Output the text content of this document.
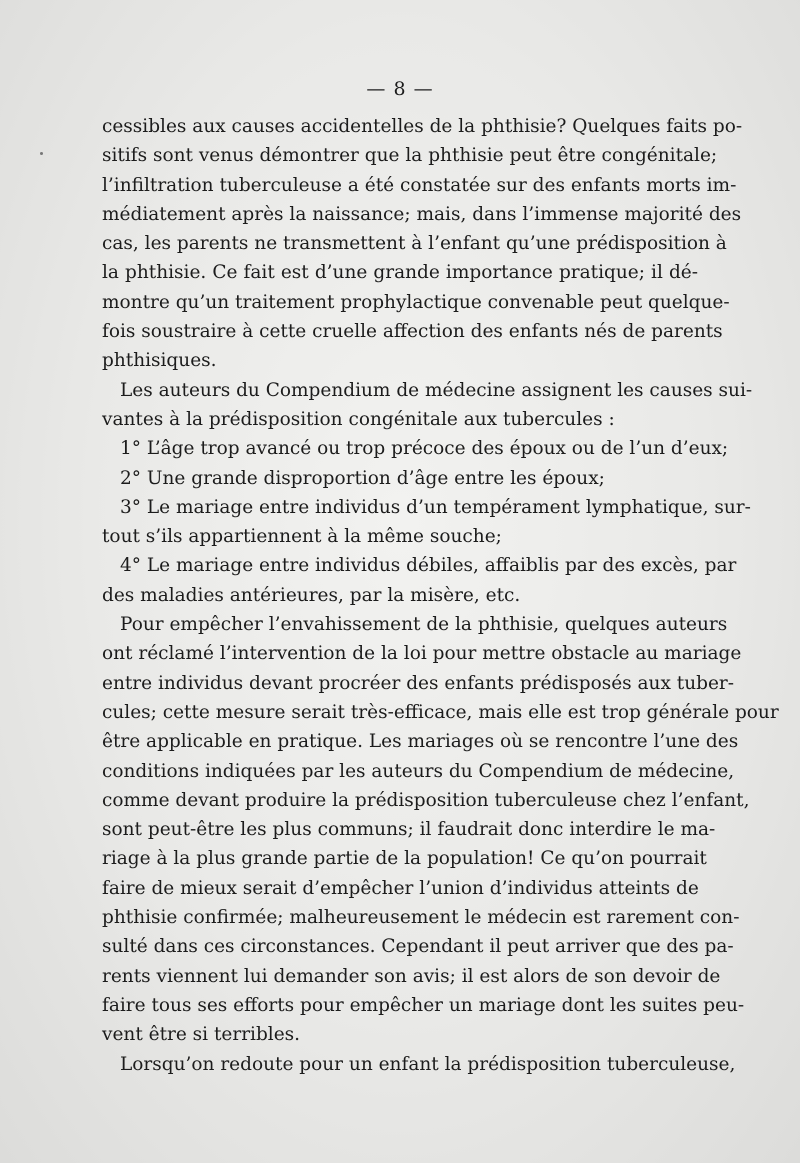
— 8 —
cessibles aux causes accidentelles de la phthisie? Quelques faits po-
sitifs sont venus démontrer que la phthisie peut être congénitale;
l’infiltration tuberculeuse a été constatée sur des enfants morts im-
médiatement après la naissance; mais, dans l’immense majorité des
cas, les parents ne transmettent à l’enfant qu’une prédisposition à
la phthisie. Ce fait est d’une grande importance pratique; il dé-
montre qu’un traitement prophylactique convenable peut quelque-
fois soustraire à cette cruelle affection des enfants nés de parents
phthisiques.
Les auteurs du Compendium de médecine assignent les causes sui-
vantes à la prédisposition congénitale aux tubercules :
1° L’âge trop avancé ou trop précoce des époux ou de l’un d’eux;
2° Une grande disproportion d’âge entre les époux;
3° Le mariage entre individus d’un tempérament lymphatique, sur-
tout s’ils appartiennent à la même souche;
4° Le mariage entre individus débiles, affaiblis par des excès, par
des maladies antérieures, par la misère, etc.
Pour empêcher l’envahissement de la phthisie, quelques auteurs
ont réclamé l’intervention de la loi pour mettre obstacle au mariage
entre individus devant procréer des enfants prédisposés aux tuber-
cules; cette mesure serait très-efficace, mais elle est trop générale pour
être applicable en pratique. Les mariages où se rencontre l’une des
conditions indiquées par les auteurs du Compendium de médecine,
comme devant produire la prédisposition tuberculeuse chez l’enfant,
sont peut-être les plus communs; il faudrait donc interdire le ma-
riage à la plus grande partie de la population! Ce qu’on pourrait
faire de mieux serait d’empêcher l’union d’individus atteints de
phthisie confirmée; malheureusement le médecin est rarement con-
sulté dans ces circonstances. Cependant il peut arriver que des pa-
rents viennent lui demander son avis; il est alors de son devoir de
faire tous ses efforts pour empêcher un mariage dont les suites peu-
vent être si terribles.
Lorsqu’on redoute pour un enfant la prédisposition tuberculeuse,
